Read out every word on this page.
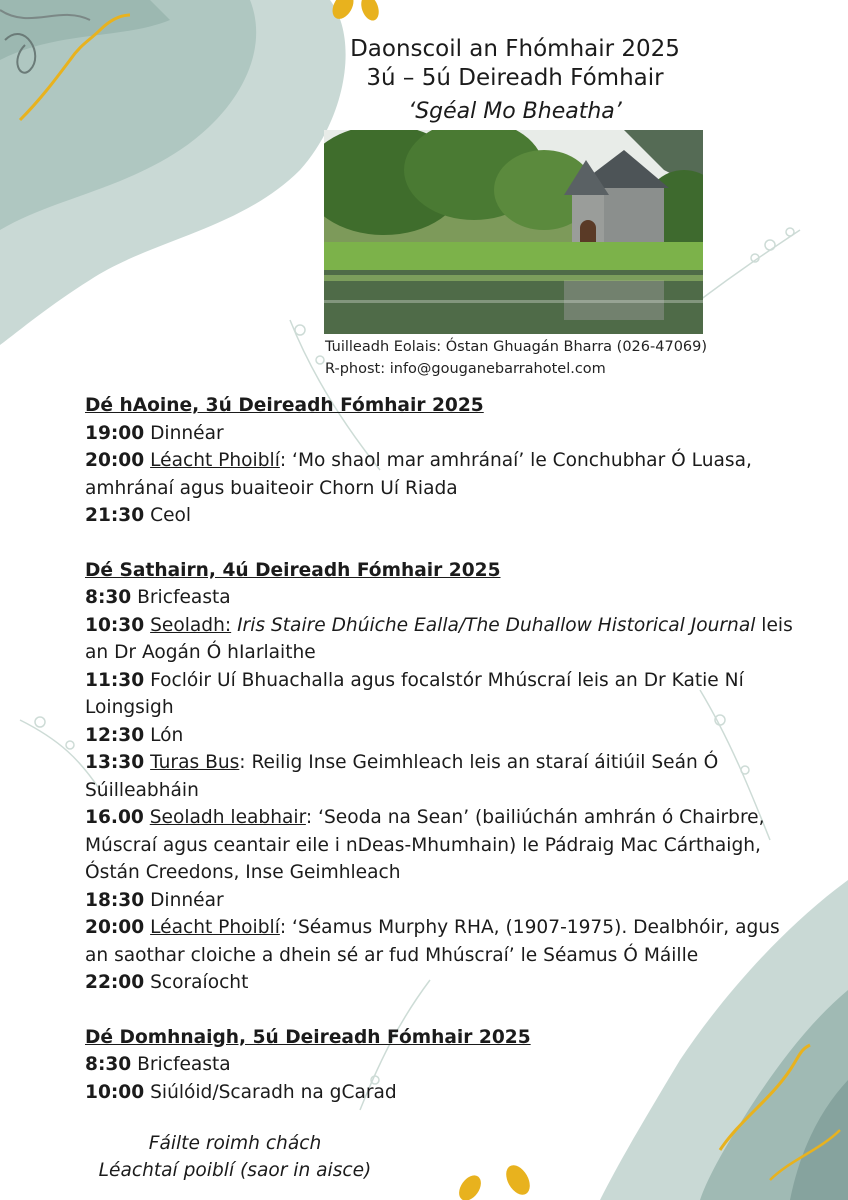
Daonscoil an Fhómhair 2025
3ú – 5ú Deireadh Fómhair
‘Sgéal Mo Bheatha’
Tuilleadh Eolais: Óstan Ghuagán Bharra (026-47069)
R-phost: info@gouganebarrahotel.com

Dé hAoine, 3ú Deireadh Fómhair 2025

19:00 Dinnéar

20:00 Léacht Phoiblí: ‘Mo shaol mar amhránaí’ le Conchubhar Ó Luasa, amhránaí agus buaiteoir Chorn Uí Riada

21:30 Ceol

Dé Sathairn, 4ú Deireadh Fómhair 2025

8:30 Bricfeasta

10:30 Seoladh: Iris Staire Dhúiche Ealla/The Duhallow Historical Journal leis an Dr Aogán Ó hIarlaithe

11:30 Foclóir Uí Bhuachalla agus focalstór Mhúscraí leis an Dr Katie Ní Loingsigh

12:30 Lón

13:30 Turas Bus: Reilig Inse Geimhleach leis an staraí áitiúil Seán Ó Súilleabháin

16.00 Seoladh leabhair: ‘Seoda na Sean’ (bailiúchán amhrán ó Chairbre, Múscraí agus ceantair eile i nDeas-Mhumhain) le Pádraig Mac Cárthaigh, Óstán Creedons, Inse Geimhleach

18:30 Dinnéar

20:00 Léacht Phoiblí: ‘Séamus Murphy RHA, (1907-1975). Dealbhóir, agus an saothar cloiche a dhein sé ar fud Mhúscraí’ le Séamus Ó Máille

22:00 Scoraíocht

Dé Domhnaigh, 5ú Deireadh Fómhair 2025

8:30 Bricfeasta

10:00 Siúlóid/Scaradh na gCarad

Fáilte roimh chách
Léachtaí poiblí (saor in aisce)
